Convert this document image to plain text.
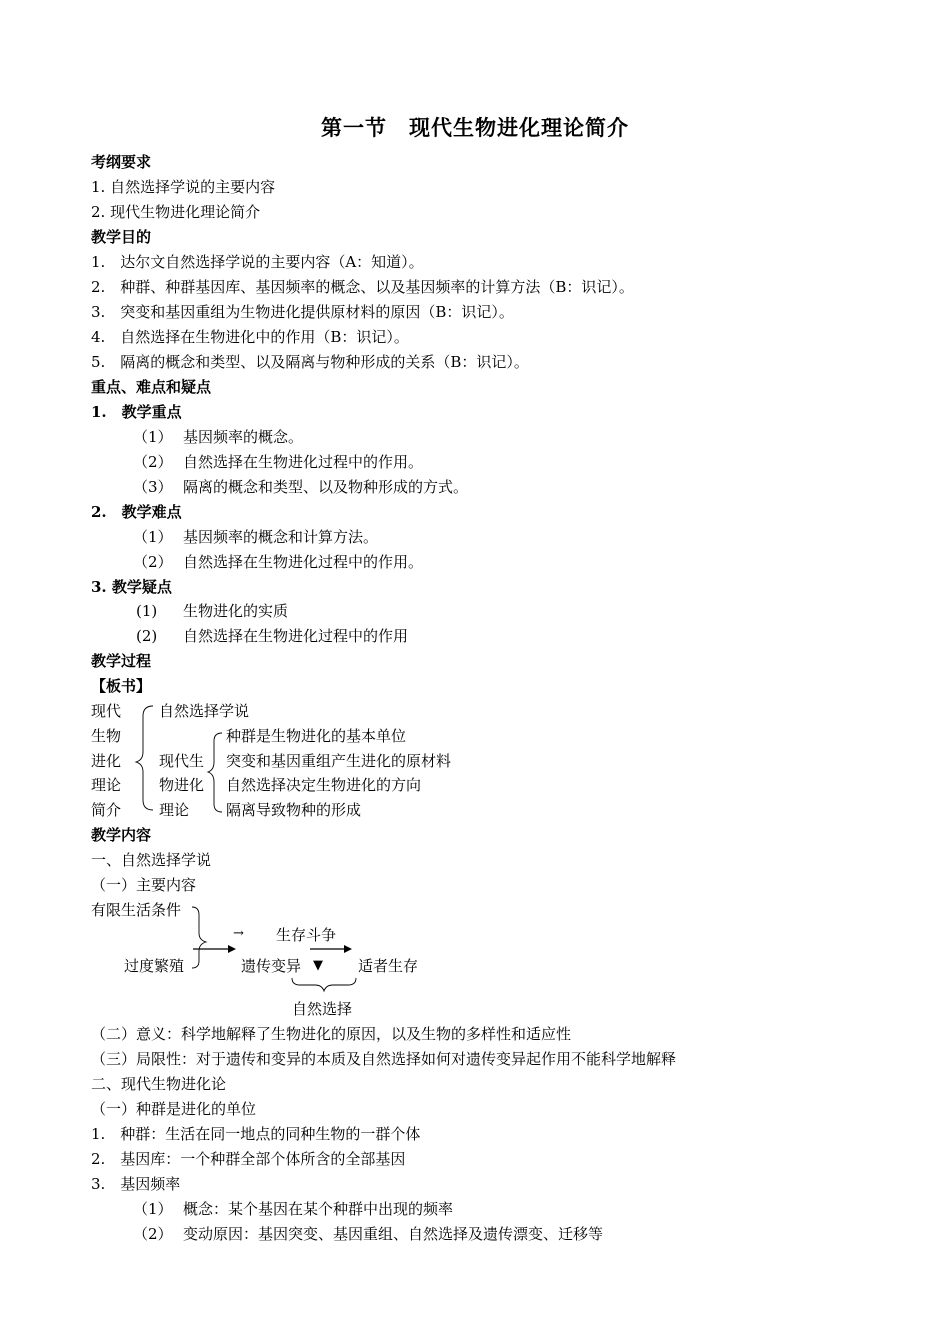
第一节　现代生物进化理论简介
考纲要求
1. 自然选择学说的主要内容
2. 现代生物进化理论简介
教学目的
1.　达尔文自然选择学说的主要内容（A：知道）。
2.　种群、种群基因库、基因频率的概念、以及基因频率的计算方法（B：识记）。
3.　突变和基因重组为生物进化提供原材料的原因（B：识记）。
4.　自然选择在生物进化中的作用（B：识记）。
5.　隔离的概念和类型、以及隔离与物种形成的关系（B：识记）。
重点、难点和疑点
1.　教学重点
（1） 基因频率的概念。
（2） 自然选择在生物进化过程中的作用。
（3） 隔离的概念和类型、以及物种形成的方式。
2.　教学难点
（1） 基因频率的概念和计算方法。
（2） 自然选择在生物进化过程中的作用。
3. 教学疑点
(1) 生物进化的实质
(2) 自然选择在生物进化过程中的作用
教学过程
【板书】
现代
生物
进化
理论
简介
自然选择学说
现代生
物进化
理论
种群是生物进化的基本单位
突变和基因重组产生进化的原材料
自然选择决定生物进化的方向
隔离导致物种的形成
教学内容
一、自然选择学说
（一）主要内容
有限生活条件
过度繁殖
→ 生存斗争
遗传变异 ▼ 适者生存
自然选择
（二）意义：科学地解释了生物进化的原因，以及生物的多样性和适应性
（三）局限性：对于遗传和变异的本质及自然选择如何对遗传变异起作用不能科学地解释
二、现代生物进化论
（一）种群是进化的单位
1.　种群：生活在同一地点的同种生物的一群个体
2.　基因库：一个种群全部个体所含的全部基因
3.　基因频率
（1） 概念：某个基因在某个种群中出现的频率
（2） 变动原因：基因突变、基因重组、自然选择及遗传漂变、迁移等
